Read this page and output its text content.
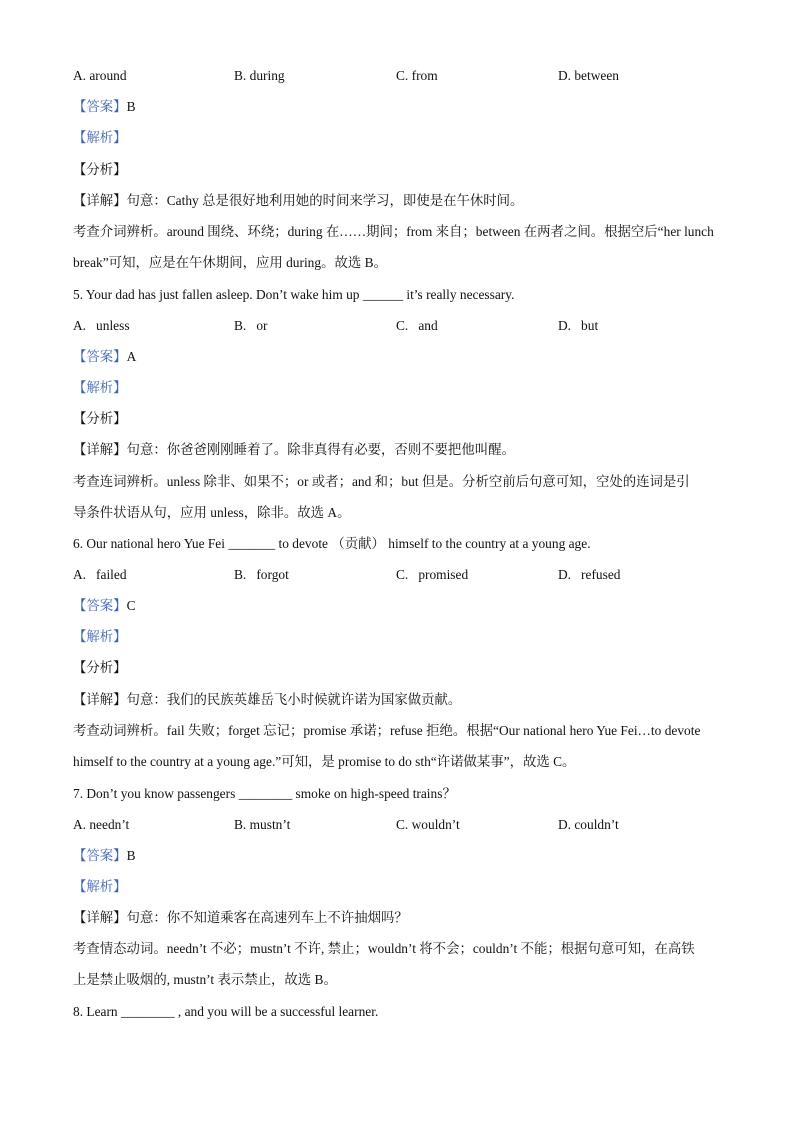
A. around	B. during	C. from	D. between
【答案】B
【解析】
【分析】
【详解】句意：Cathy 总是很好地利用她的时间来学习，即使是在午休时间。
考查介词辨析。around 围绕、环绕；during 在……期间；from 来自；between 在两者之间。根据空后“her lunch
break”可知，应是在午休期间，应用 during。故选 B。
5. Your dad has just fallen asleep. Don’t wake him up ______ it’s really necessary.
A.   unless	B.   or	C.   and	D.   but
【答案】A
【解析】
【分析】
【详解】句意：你爸爸刚刚睡着了。除非真得有必要，否则不要把他叫醒。
考查连词辨析。unless 除非、如果不；or 或者；and 和；but 但是。分析空前后句意可知，空处的连词是引
导条件状语从句，应用 unless，除非。故选 A。
6. Our national hero Yue Fei _______ to devote （贡献） himself to the country at a young age.
A.   failed	B.   forgot	C.   promised	D.   refused
【答案】C
【解析】
【分析】
【详解】句意：我们的民族英雄岳飞小时候就许诺为国家做贡献。
考查动词辨析。fail 失败；forget 忘记；promise 承诺；refuse 拒绝。根据“Our national hero Yue Fei…to devote
himself to the country at a young age.”可知，是 promise to do sth“许诺做某事”，故选 C。
7. Don’t you know passengers ________ smoke on high-speed trains？
A. needn’t	B. mustn’t	C. wouldn’t	D. couldn’t
【答案】B
【解析】
【详解】句意：你不知道乘客在高速列车上不许抽烟吗？
考查情态动词。needn’t 不必；mustn’t 不许, 禁止；wouldn’t 将不会；couldn’t 不能；根据句意可知，在高铁
上是禁止吸烟的, mustn’t 表示禁止，故选 B。
8. Learn ________ , and you will be a successful learner.
